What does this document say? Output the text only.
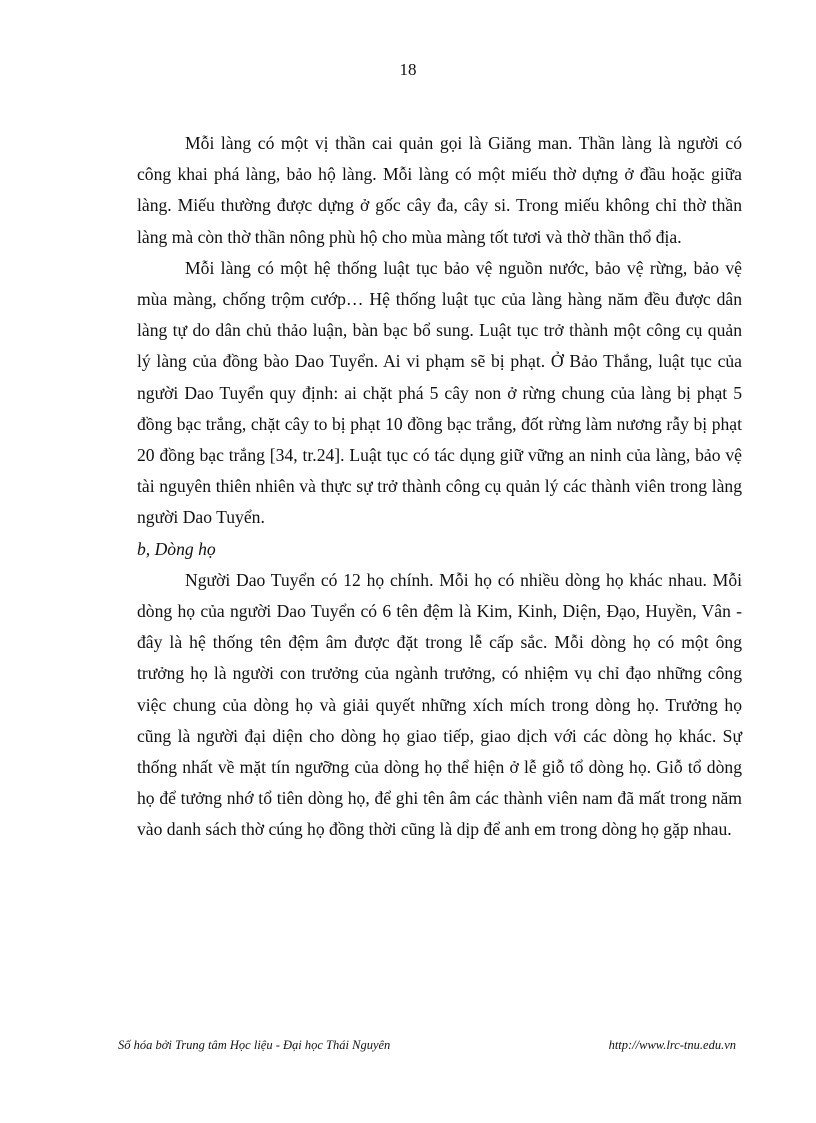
18

Mỗi làng có một vị thần cai quản gọi là Giăng man. Thần làng là người có công khai phá làng, bảo hộ làng. Mỗi làng có một miếu thờ dựng ở đầu hoặc giữa làng. Miếu thường được dựng ở gốc cây đa, cây si. Trong miếu không chỉ thờ thần làng mà còn thờ thần nông phù hộ cho mùa màng tốt tươi và thờ thần thổ địa.

Mỗi làng có một hệ thống luật tục bảo vệ nguồn nước, bảo vệ rừng, bảo vệ mùa màng, chống trộm cướp… Hệ thống luật tục của làng hàng năm đều được dân làng tự do dân chủ thảo luận, bàn bạc bổ sung. Luật tục trở thành một công cụ quản lý làng của đồng bào Dao Tuyển. Ai vi phạm sẽ bị phạt. Ở Bảo Thắng, luật tục của người Dao Tuyển quy định: ai chặt phá 5 cây non ở rừng chung của làng bị phạt 5 đồng bạc trắng, chặt cây to bị phạt 10 đồng bạc trắng, đốt rừng làm nương rẫy bị phạt 20 đồng bạc trắng [34, tr.24]. Luật tục có tác dụng giữ vững an ninh của làng, bảo vệ tài nguyên thiên nhiên và thực sự trở thành công cụ quản lý các thành viên trong làng người Dao Tuyển.

b, Dòng họ

Người Dao Tuyển có 12 họ chính. Mỗi họ có nhiều dòng họ khác nhau. Mỗi dòng họ của người Dao Tuyển có 6 tên đệm là Kim, Kinh, Diện, Đạo, Huyền, Vân - đây là hệ thống tên đệm âm được đặt trong lễ cấp sắc. Mỗi dòng họ có một ông trưởng họ là người con trưởng của ngành trưởng, có nhiệm vụ chỉ đạo những công việc chung của dòng họ và giải quyết những xích mích trong dòng họ. Trưởng họ cũng là người đại diện cho dòng họ giao tiếp, giao dịch với các dòng họ khác. Sự thống nhất về mặt tín ngưỡng của dòng họ thể hiện ở lễ giỗ tổ dòng họ. Giỗ tổ dòng họ để tưởng nhớ tổ tiên dòng họ, để ghi tên âm các thành viên nam đã mất trong năm vào danh sách thờ cúng họ đồng thời cũng là dịp để anh em trong dòng họ gặp nhau.

Số hóa bởi Trung tâm Học liệu - Đại học Thái Nguyên	http://www.lrc-tnu.edu.vn
